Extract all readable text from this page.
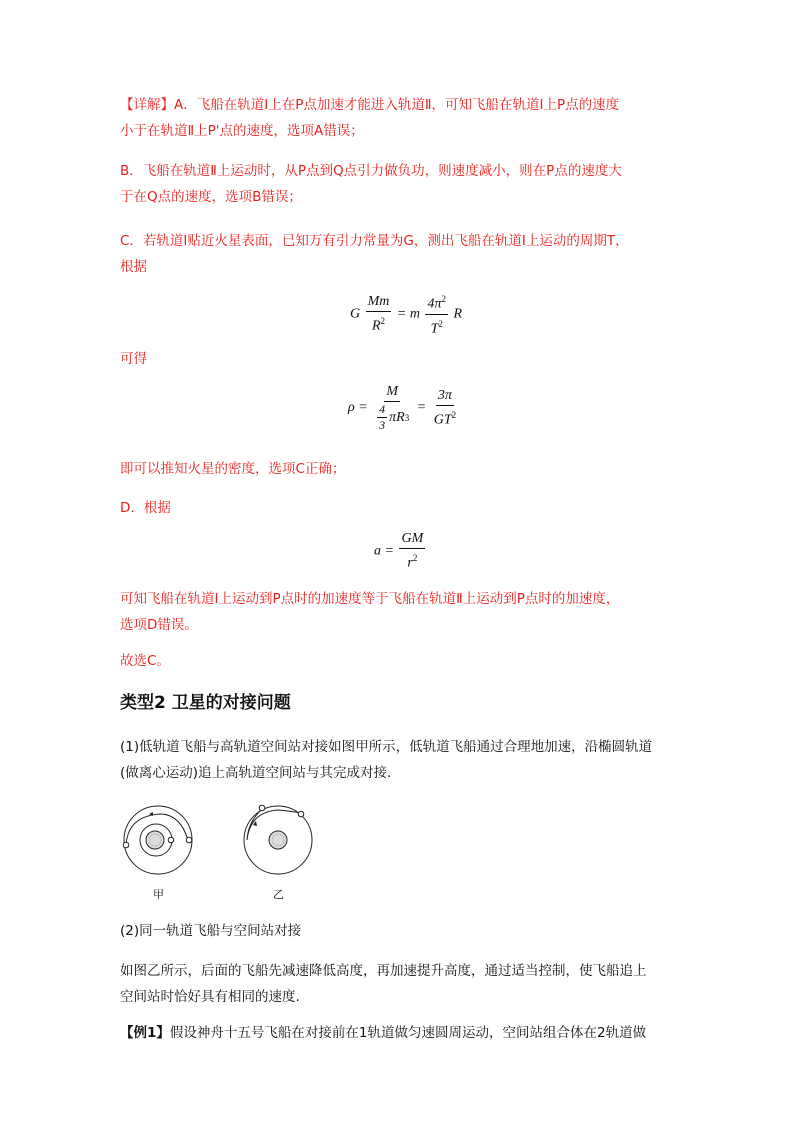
【详解】A．飞船在轨道Ⅰ上在P点加速才能进入轨道Ⅱ，可知飞船在轨道Ⅰ上P点的速度
小于在轨道Ⅱ上P'点的速度，选项A错误；
B．飞船在轨道Ⅱ上运动时，从P点到Q点引力做负功，则速度减小，则在P点的速度大
于在Q点的速度，选项B错误；
C．若轨道Ⅰ贴近火星表面，已知万有引力常量为G，测出飞船在轨道Ⅰ上运动的周期T，
根据
G $\frac{Mm}{R^2} = m \frac{4\pi^2}{T^2}$ R
可得
$\rho = \frac{M}{\frac{4}{3} \pi R 3} = \frac{3\pi}{GT^2}$
即可以推知火星的密度，选项C正确；
D．根据
$a = \frac{GM}{r^2}$
可知飞船在轨道Ⅰ上运动到P点时的加速度等于飞船在轨道Ⅱ上运动到P点时的加速度，
选项D错误。
故选C。
类型2 卫星的对接问题
(1)低轨道飞船与高轨道空间站对接如图甲所示，低轨道飞船通过合理地加速，沿椭圆轨道
(做离心运动)追上高轨道空间站与其完成对接.
甲	乙
(2)同一轨道飞船与空间站对接
如图乙所示，后面的飞船先减速降低高度，再加速提升高度，通过适当控制，使飞船追上
空间站时恰好具有相同的速度.
【例1】假设神舟十五号飞船在对接前在1轨道做匀速圆周运动，空间站组合体在2轨道做
